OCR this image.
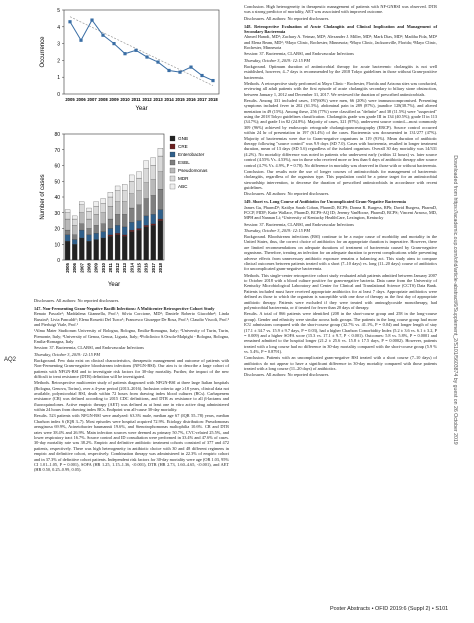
0
1
2
3
4
5
2005 2006 2007 2008 2009 2010 2011 2012 2013 2014 2015 2016 2017 2018
Occurrence
Year
0
10
20
30
40
50
60
70
80
2005 2006 2007 2008 2009 2010 2011 2012 2013 2014 2015 2016 2017 2018
Number of cases
Year
GNB
CRE
Enterobacter
ESBL
Pseudomonas
MDR
ABC

Disclosures. All authors: No reported disclosures.

147. Non-Fermenting Gram-Negative Bacilli Infections: A Multicenter Retrospective Cohort Study

Renato Pascale¹; Maddalena Giannella, Prof.¹; Silvia Corcione, MD²; Daniele Roberto Giacobbe³; Linda Bussini¹; Livia Pancaldi¹; Elena Rossetti Del Turco¹; Francesco Giuseppe De Rosa, Prof.²; Claudio Viscoli, Prof.³ and Pierluigi Viale, Prof.¹

¹Alma Mater Studiorum University of Bologna, Bologna, Emilia-Romagna, Italy; ²University of Turin, Turin, Piemonte, Italy; ³University of Genoa, Genoa, Liguria, Italy; ⁴Policlinico S.Orsola-Malpighi - Bologna, Bologna, Emilia-Romagna, Italy

Session: 37. Bacteremia, CLABSI, and Endovascular Infections

Thursday, October 3, 2019: 12:15 PM

Background. Few data exist on clinical characteristics, therapeutic management and outcome of patients with Non-Fermenting Gram-negative bloodstream infections (NFGN-BSI). Our aim is to describe a large cohort of patients with NFGN-BSI and to investigate risk factors for 30-day mortality. Further, the impact of the new difficult to treat resistance (DTR) definition will be investigated.

Methods. Retrospective multicenter study of patients diagnosed with NFGN-BSI at three large Italian hospitals (Bologna, Genova, Torino), over a 4-year period (2013–2016). Inclusion criteria: age ≥18 years, clinical data not available, polymicrobial BSI, death within 72 hours from drawing index blood cultures (BCs). Carbapenem resistance (CR) was defined according to 2015 CDC definitions, and DTR as resistance to all β-lactams and fluoroquinolones. Active empiric therapy (AET) was defined as at least one in vitro active drug administered within 24 hours from drawing index BCs. Endpoint was all-cause 30-day mortality.

Results. 523 patients with NFGN-BSI were analyzed: 63.3% male, median age 67 (IQR 55–78) years, median Charlson index 6 (IQR 3–7). Most episodes were hospital acquired 72.9%. Etiology distribution: Pseudomonas aeruginosa 69.9%, Acinetobacter baumannii 19.6%, and Stenotrophomonas maltophilia 10.6%. CR and DTR rates were 38.4% and 26.9%. Main infection sources were deemed as primary 50.7%, CVC-related 25.5%, and lower respiratory tract 16.7%. Source control and ID consultation were performed in 33.4% and 47.6% of cases. 30-day mortality rate was 38.2%. Empiric and definitive antibiotic treatment cohorts consisted of 377 and 472 patients, respectively. There was high heterogeneity in antibiotic choice with 30 and 48 different regimens in empiric and definitive cohort, respectively. Combination therapy was administered in 22.3% of empiric cohort and in 37.3% of definitive cohort patients. Independent risk factors for 30-day mortality were age (OR 1.03, 95% CI 1.01–1.05, P = 0.001), SOFA (HR 1.25, 1.15–1.36, <0.001), DTR (HR 2.73, 1.60–4.65, <0.001), and AET (HR 0.50, 0.25–0.99, 0.05).

Conclusion. High heterogeneity in therapeutic management of patients with NF-GNBSI was observed. DTR was a strong predictor of mortality, AET was associated with improved outcome.

Disclosures. All authors: No reported disclosures.

148. Retrospective Evaluation of Acute Cholangitis and Clinical Implication and Management of Secondary Bacteremia

Ahmed Hamdi, MD¹; Zachary A. Yetmar, MD²; Alexander J. Miller, MD²; Mark Dias, MD²; Madiha Fida, MD² and Elena Beam, MD²; ¹Mayo Clinic, Rochester, Minnesota; ²Mayo Clinic, Jacksonville, Florida; ³Mayo Clinic, Rochester, Minnesota

Session: 37. Bacteremia, CLABSI, and Endovascular Infections

Thursday, October 3, 2019: 12:15 PM

Background. Optimum duration of antimicrobial therapy for acute bacteremic cholangitis is not well established, however, 4–7 days is recommended by the 2018 Tokyo guidelines in those without Gram-positive bacteremia.

Methods. A retrospective study performed at Mayo Clinic - Rochester, Florida and Arizona sites was conducted, reviewing all adult patients with the first episode of acute cholangitis secondary to biliary stone obstruction, between January 1, 2012 and December 31, 2017. We reviewed the duration of prescribed antimicrobials.

Results. Among 331 included cases, 197(60%) were men, 66 (20%) were immunocompromised. Presenting symptoms included fever in 202 (61.5%), abdominal pain in 289 (87%), jaundice 128(38.7%), and altered mentation in 49 (15%). Among these, 256 (77%) were classified as "definite" and 38 (11.5%) were "suspected" using the 2018 Tokyo guidelines classification. Cholangitis grade was grade III in 134 (40.5%); grade II in 113 (34.7%); and grade I in 82 (24.8%). Majority of cases, 321 (97%), underwent source control—most commonly 309 (96%) achieved by endoscopic retrograde cholangiopancreatography (ERCP). Source control occurred within 24 hr of presentation in 197 (61.4%) of the cases. Bacteremia was documented in 131/277 (47%). Majority of bacteremias were due to Gram-negative organisms in 119 (91%). Mean duration of antibiotic therapy following "source control" was 9.9 days (SD 7.0). Cases with bacteremia, resulted in longer treatment duration, mean of 13 days (SD 5.6) regardless of the isolated organism. Overall 30 day mortality was 14/331 (4.2%). No mortality difference was noted in patients who underwent early (within 12 hours) vs. later source control (4.55% Vs. 4.53%), nor in those who received more or less than 6 days of antibiotic therapy after source control (4.7% Vs. 4.9%, P = 0.78). No difference in mortality was observed in those with or without bacteremia.

Conclusion. Our results note the use of longer courses of antimicrobials for management of bacteremic cholangitis, regardless of the organism type. This population could be a prime target for an antimicrobial stewardship intervention, to decrease the duration of prescribed antimicrobials in accordance with recent guidelines.

Disclosures. All authors: No reported disclosures.

149. Short vs. Long Course of Antibiotics for Uncomplicated Gram-Negative Bacteremia

James Gu, PharmD¹; Kaitlyn Sarah Coban, PharmD, BCPS; Donna R. Burgess, RPh; David Burgess, PharmD, FCCP, FIDP; Katie Wallace, PharmD, BCPS-AQ ID; Jeremy VanHoose, PharmD, BCPS; Vincent Arnoso, MD, MPH and Nannan Li; ¹University of Kentucky HealthCare, Lexington, Kentucky

Session: 37. Bacteremia, CLABSI, and Endovascular Infections

Thursday, October 3, 2019: 12:15 PM

Background. Bloodstream infections (BSI) continue to be a major cause of morbidity and mortality in the United States, thus, the correct choice of antibiotics for an appropriate duration is imperative. However, there are limited recommendations on adequate durations of treatment of bacteremia caused by Gram-negative organisms. Therefore, treating an infection for an adequate duration to prevent complications while preventing adverse effects from unnecessary antibiotic exposure remains a balancing act. This study aims to compare clinical outcomes between patients treated with a short (7–10 days) vs. long (11–20 days) course of antibiotics for uncomplicated gram-negative bacteremia.

Methods. This single-center retrospective cohort study evaluated adult patients admitted between January 2007 to October 2018 with a blood culture positive for gram-negative bacteria. Data came from the University of Kentucky Microbiological Laboratory and Center for Clinical and Translational Science (CCTS) Data Bank. Patients included must have received appropriate antibiotics for at least 7 days. Appropriate antibiotics were defined as those to which the organism is susceptible with one dose of therapy as the first day of appropriate antibiotic therapy. Patients were excluded if they were treated with aminoglycoside monotherapy, had polymicrobial bacteremia, or if treated for fewer than 20 days of therapy.

Results. A total of 866 patients were identified (208 in the short-course group and 258 in the long-course group). Gender and ethnicity were similar across both groups. The patients in the long course group had more ICU admissions compared with the short-course group (32.7% vs. 41.1%, P = 0.04) and longer length of stay (17.1 ± 34.7 vs. 15.9 ± 9.7 days, P = 0.03), had a higher Charlson Comorbidity Index (5.2 ± 3.6 vs. 6.1 ± 3.2, P = 0.009) and a higher SOFA score (15.3 vs. 17.1 ± 9.7, P < 0.001). Outcomes: 5.8 vs. 5.8%, P = 0.0001 and remained admitted to the hospital longer (21.2 ± 25.6 vs. 15.8 ± 17.5 days, P = 0.0002). However, patients treated with a long course had no difference in 30-day mortality compared with the short-course group (5.9 % vs. 5.4%, P = 0.8791).

Conclusion. Patients with an uncomplicated gram-negative BSI treated with a short course (7–10 days) of antibiotics do not appear to have a significant difference in 30-day mortality compared with those patients treated with a long course (11–20 days) of antibiotics.

Disclosures. All authors: No reported disclosures.	Downloaded from https://academic.oup.com/ofid/article-abstract/6/Supplement_2/S101/5603874 by guest on 26 October 2019
AQ2
Poster Abstracts • OFID 2019:6 (Suppl 2) • S101
